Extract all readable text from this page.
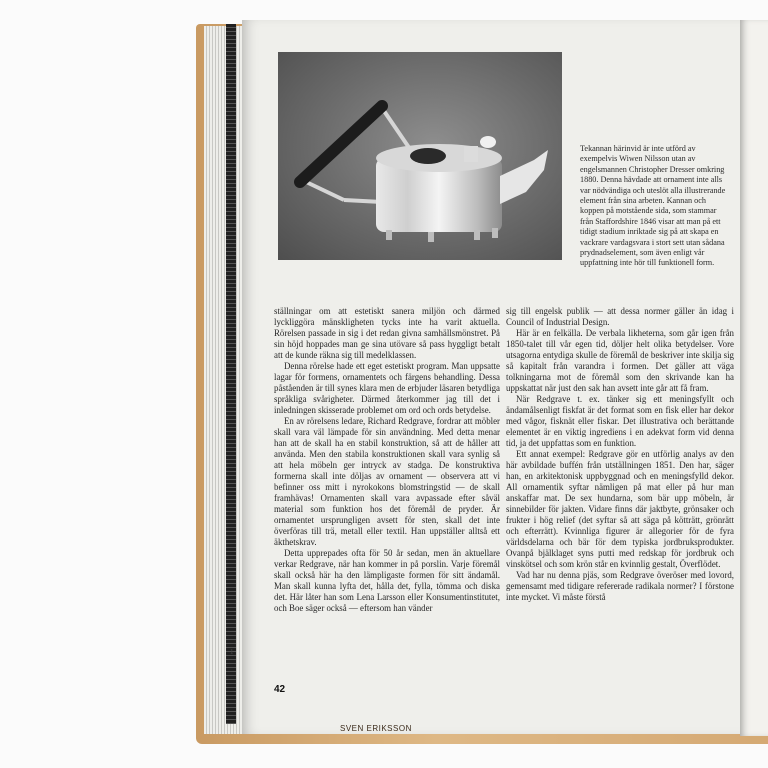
Tekannan härinvid är inte utförd av exempelvis Wiwen Nilsson utan av engelsmannen Christopher Dresser omkring 1880. Denna hävdade att ornament inte alls var nödvändiga och uteslöt alla illustrerande element från sina arbeten. Kannan och koppen på motstående sida, som stammar från Staffordshire 1846 visar att man på ett tidigt stadium inriktade sig på att skapa en vackrare vardagsvara i stort sett utan sådana prydnadselement, som även enligt vår uppfattning inte hör till funktionell form.

ställningar om att estetiskt sanera miljön och därmed lyckliggöra mänskligheten tycks inte ha varit aktuella. Rörelsen passade in sig i det redan givna samhällsmönstret. På sin höjd hoppades man ge sina utövare så pass hyggligt betalt att de kunde räkna sig till medelklassen.

Denna rörelse hade ett eget estetiskt program. Man uppsatte lagar för formens, ornamentets och färgens behandling. Dessa påståenden är till synes klara men de erbjuder läsaren betydliga språkliga svårigheter. Därmed återkommer jag till det i inledningen skisserade problemet om ord och ords betydelse.

En av rörelsens ledare, Richard Redgrave, fordrar att möbler skall vara väl lämpade för sin användning. Med detta menar han att de skall ha en stabil konstruktion, så att de håller att använda. Men den stabila konstruktionen skall vara synlig så att hela möbeln ger intryck av stadga. De konstruktiva formerna skall inte döljas av ornament — observera att vi befinner oss mitt i nyrokokons blomstringstid — de skall framhävas! Ornamenten skall vara avpassade efter såväl material som funktion hos det föremål de pryder. Är ornamentet ursprungligen avsett för sten, skall det inte överföras till trä, metall eller textil. Han uppställer alltså ett äkthetskrav.

Detta upprepades ofta för 50 år sedan, men än aktuellare verkar Redgrave, när han kommer in på porslin. Varje föremål skall också här ha den lämpligaste formen för sitt ändamål. Man skall kunna lyfta det, hålla det, fylla, tömma och diska det. Här låter han som Lena Larsson eller Konsumentinstitutet, och Boe säger också — eftersom han vänder

sig till engelsk publik — att dessa normer gäller än idag i Council of Industrial Design.

Här är en felkälla. De verbala likheterna, som går igen från 1850-talet till vår egen tid, döljer helt olika betydelser. Vore utsagorna entydiga skulle de föremål de beskriver inte skilja sig så kapitalt från varandra i formen. Det gäller att väga tolkningarna mot de föremål som den skrivande kan ha uppskattat när just den sak han avsett inte går att få fram.

När Redgrave t. ex. tänker sig ett meningsfyllt och ändamålsenligt fiskfat är det format som en fisk eller har dekor med vågor, fisknät eller fiskar. Det illustrativa och berättande elementet är en viktig ingrediens i en adekvat form vid denna tid, ja det uppfattas som en funktion.

Ett annat exempel: Redgrave gör en utförlig analys av den här avbildade buffén från utställningen 1851. Den har, säger han, en arkitektonisk uppbyggnad och en meningsfylld dekor. All ornamentik syftar nämligen på mat eller på hur man anskaffar mat. De sex hundarna, som bär upp möbeln, är sinnebilder för jakten. Vidare finns där jaktbyte, grönsaker och frukter i hög relief (det syftar så att säga på kötträtt, grönrätt och efterrätt). Kvinnliga figurer är allegorier för de fyra världsdelarna och bär för dem typiska jordbruksprodukter. Ovanpå bjälklaget syns putti med redskap för jordbruk och vinskötsel och som krön står en kvinnlig gestalt, Överflödet.

Vad har nu denna pjäs, som Redgrave överöser med lovord, gemensamt med tidigare refererade radikala normer? I förstone inte mycket. Vi måste förstå

42
1
SVEN ERIKSSON
